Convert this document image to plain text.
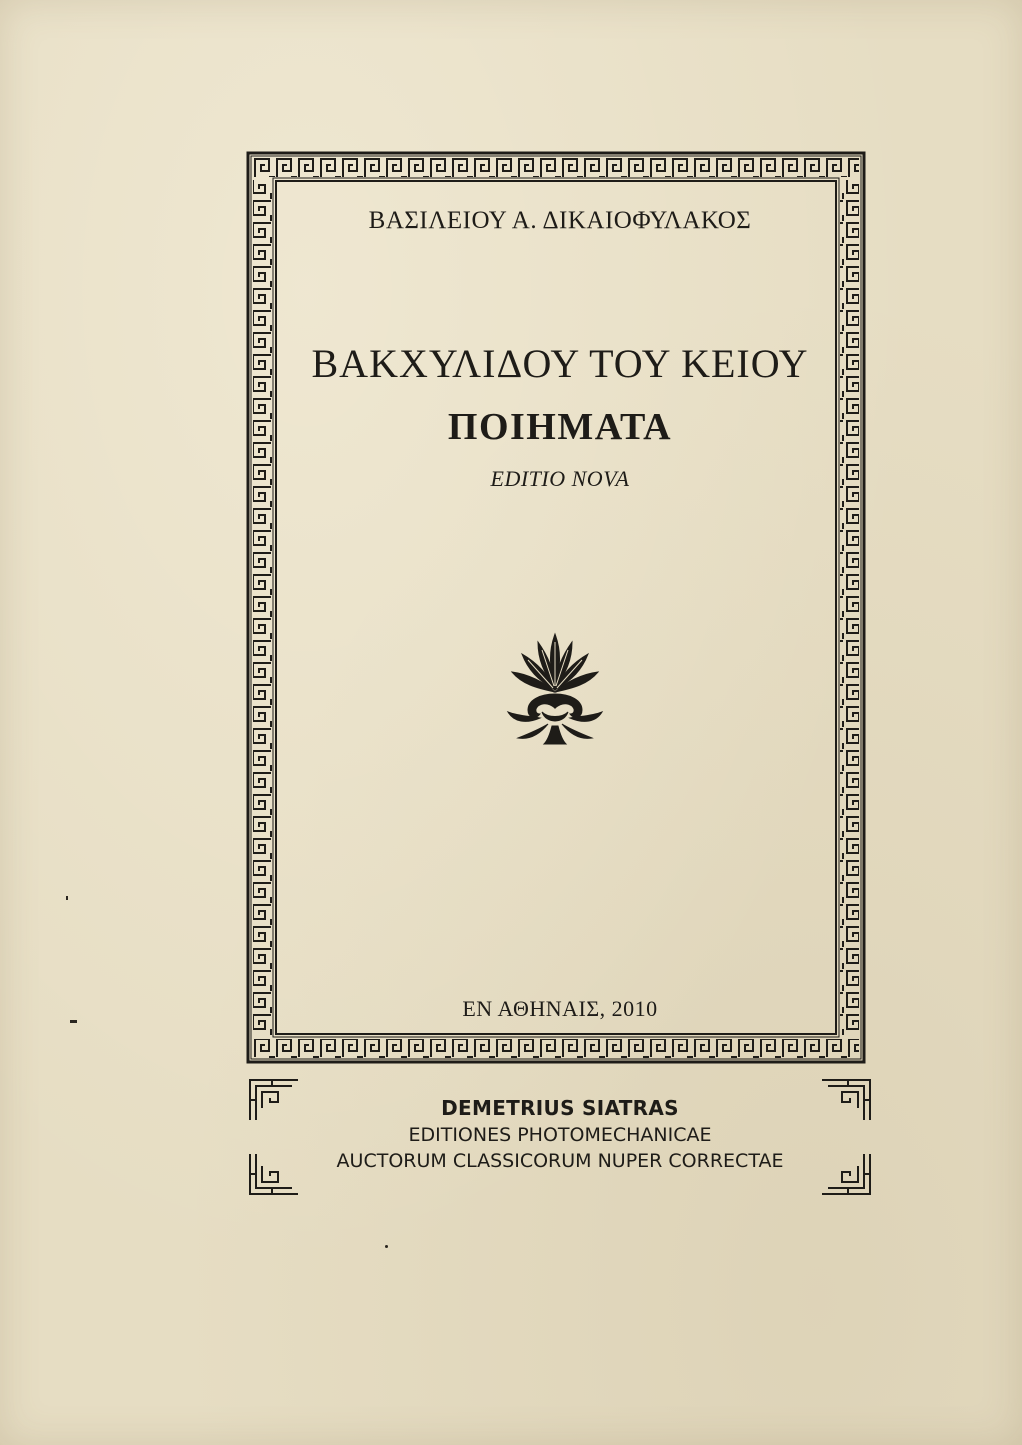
ΒΑΣΙΛΕΙΟΥ Α. ΔΙΚΑΙΟΦΥΛΑΚΟΣ
ΒΑΚΧΥΛΙΔΟΥ ΤΟΥ ΚΕΙΟΥ
ΠΟΙΗΜΑΤΑ
EDITIO NOVA
ΕΝ ΑΘΗΝΑΙΣ, 2010
DEMETRIUS SIATRAS
EDITIONES PHOTOMECHANICAE
AUCTORUM CLASSICORUM NUPER CORRECTAE
